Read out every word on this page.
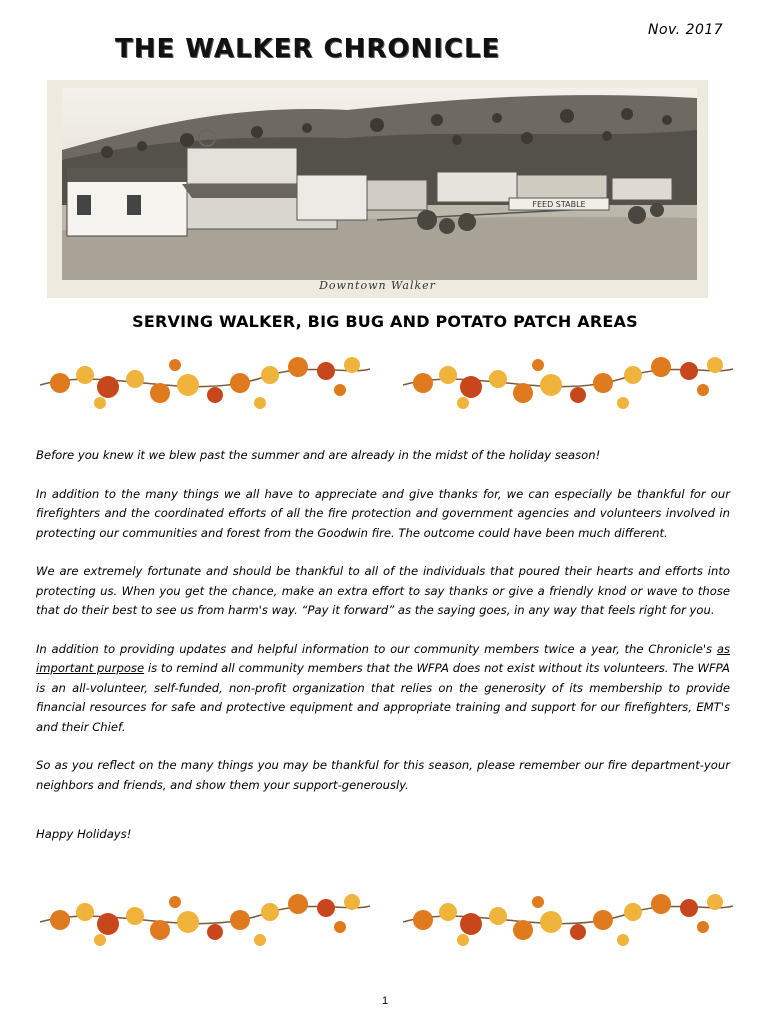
Nov. 2017
THE WALKER CHRONICLE
FEED STABLE
Downtown Walker
SERVING WALKER, BIG BUG AND POTATO PATCH AREAS

Before you knew it we blew past the summer and are already in the midst of the holiday season!

In addition to the many things we all have to appreciate and give thanks for, we can especially be thankful for our firefighters and the coordinated efforts of all the fire protection and government agencies and volunteers involved in protecting our communities and forest from the Goodwin fire. The outcome could have been much different.

We are extremely fortunate and should be thankful to all of the individuals that poured their hearts and efforts into protecting us. When you get the chance, make an extra effort to say thanks or give a friendly knod or wave to those that do their best to see us from harm's way. “Pay it forward” as the saying goes, in any way that feels right for you.

In addition to providing updates and helpful information to our community members twice a year, the Chronicle's as important purpose is to remind all community members that the WFPA does not exist without its volunteers. The WFPA is an all-volunteer, self-funded, non-profit organization that relies on the generosity of its membership to provide financial resources for safe and protective equipment and appropriate training and support for our firefighters, EMT's and their Chief.

So as you reflect on the many things you may be thankful for this season, please remember our fire department-your neighbors and friends, and show them your support-generously.

Happy Holidays!

1
